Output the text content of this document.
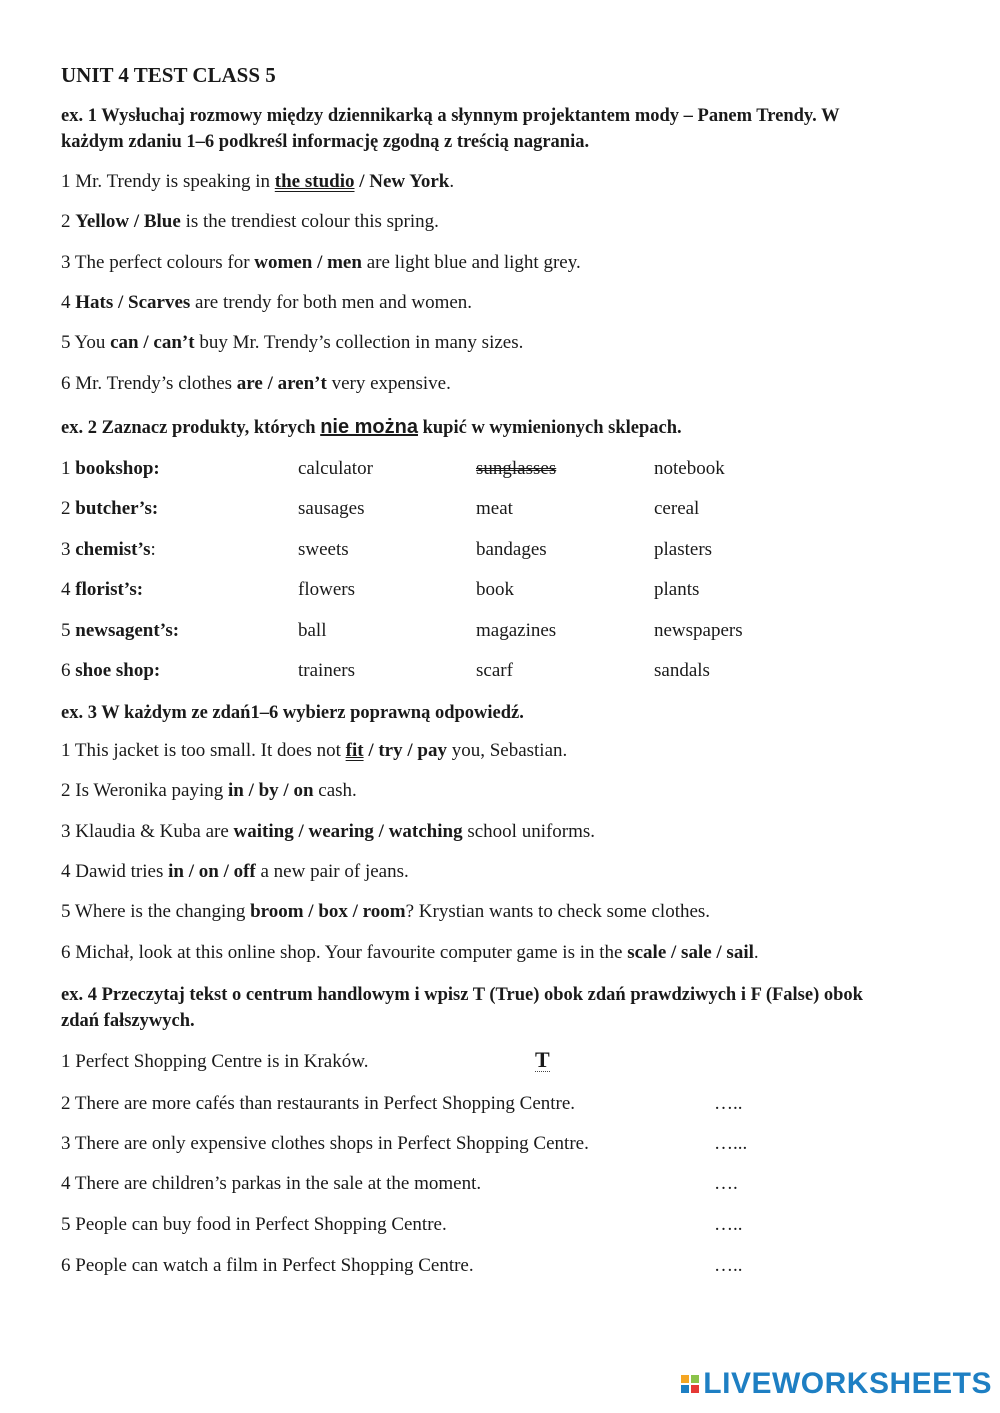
UNIT 4 TEST CLASS 5
ex. 1 Wysłuchaj rozmowy między dziennikarką a słynnym projektantem mody – Panem Trendy. W każdym zdaniu 1–6 podkreśl informację zgodną z treścią nagrania.
1 Mr. Trendy is speaking in the studio / New York.
2 Yellow / Blue is the trendiest colour this spring.
3 The perfect colours for women / men are light blue and light grey.
4 Hats / Scarves are trendy for both men and women.
5 You can / can’t buy Mr. Trendy’s collection in many sizes.
6 Mr. Trendy’s clothes are / aren’t very expensive.
ex. 2 Zaznacz produkty, których nie można kupić w wymienionych sklepach.
1 bookshop:	calculator	sunglasses	notebook
2 butcher’s:	sausages	meat	cereal
3 chemist’s:	sweets	bandages	plasters
4 florist’s:	flowers	book	plants
5 newsagent’s:	ball	magazines	newspapers
6 shoe shop:	trainers	scarf	sandals
ex. 3 W każdym ze zdań1–6 wybierz poprawną odpowiedź.
1 This jacket is too small. It does not fit / try / pay you, Sebastian.
2 Is Weronika paying in / by / on cash.
3 Klaudia & Kuba are waiting / wearing / watching school uniforms.
4 Dawid tries in / on / off a new pair of jeans.
5 Where is the changing broom / box / room? Krystian wants to check some clothes.
6 Michał, look at this online shop. Your favourite computer game is in the scale / sale / sail.
ex. 4 Przeczytaj tekst o centrum handlowym i wpisz T (True) obok zdań prawdziwych i F (False) obok zdań fałszywych.
1 Perfect Shopping Centre is in Kraków.	T
2 There are more cafés than restaurants in Perfect Shopping Centre.	…..
3 There are only expensive clothes shops in Perfect Shopping Centre.	…...
4 There are children’s parkas in the sale at the moment.	….
5 People can buy food in Perfect Shopping Centre.	…..
6 People can watch a film in Perfect Shopping Centre.	…..
LIVEWORKSHEETS
